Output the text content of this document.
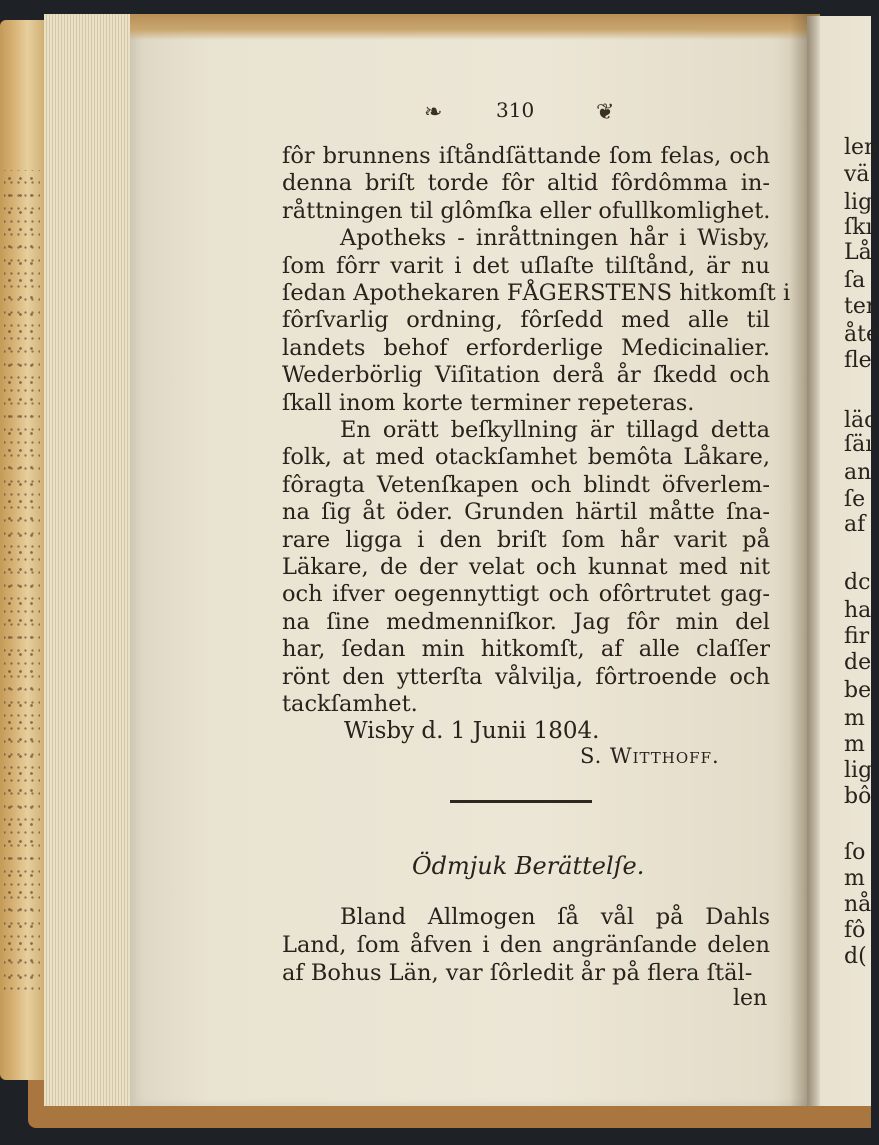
❧	310	❦
fôr brunnens iſtåndſättande ſom felas, och
denna briſt torde fôr altid fôrdômma in-
råttningen til glômſka eller ofullkomlighet.
Apotheks - inråttningen hår i Wisby,
ſom fôrr varit i det uſlaſte tilſtånd, är nu
ſedan Apothekaren FÅGERSTENS hitkomſt i
fôrſvarlig ordning, fôrſedd med alle til
landets behof erforderlige Medicinalier.
Wederbörlig Viſitation derå år ſkedd och
ſkall inom korte terminer repeteras.
En orätt beſkyllning är tillagd detta
folk, at med otackſamhet bemôta Låkare,
fôragta Vetenſkapen och blindt öfverlem-
na ſig åt öder. Grunden härtil måtte ſna-
rare ligga i den briſt ſom hår varit på
Läkare, de der velat och kunnat med nit
och ifver oegennyttigt och ofôrtrutet gag-
na ſine medmenniſkor. Jag fôr min del
har, ſedan min hitkomſt, af alle claſſer
rönt den ytterſta vålvilja, fôrtroende och
tackſamhet.
Wisby d. 1 Junii 1804.
S. Witthoff.
Ödmjuk Berättelſe.
Bland Allmogen ſå vål på Dahls
Land, ſom åfven i den angränſande delen
af Bohus Län, var ſôrledit år på flera ſtäl-
len
len
vä
lig
ſkı
Lå
ſa
ter
åte
fle
läc
ſäı
an
ſe
af
dc
ha
fir
de
be
m
m
lig
bô
ſo
m
nå
fô
d(
